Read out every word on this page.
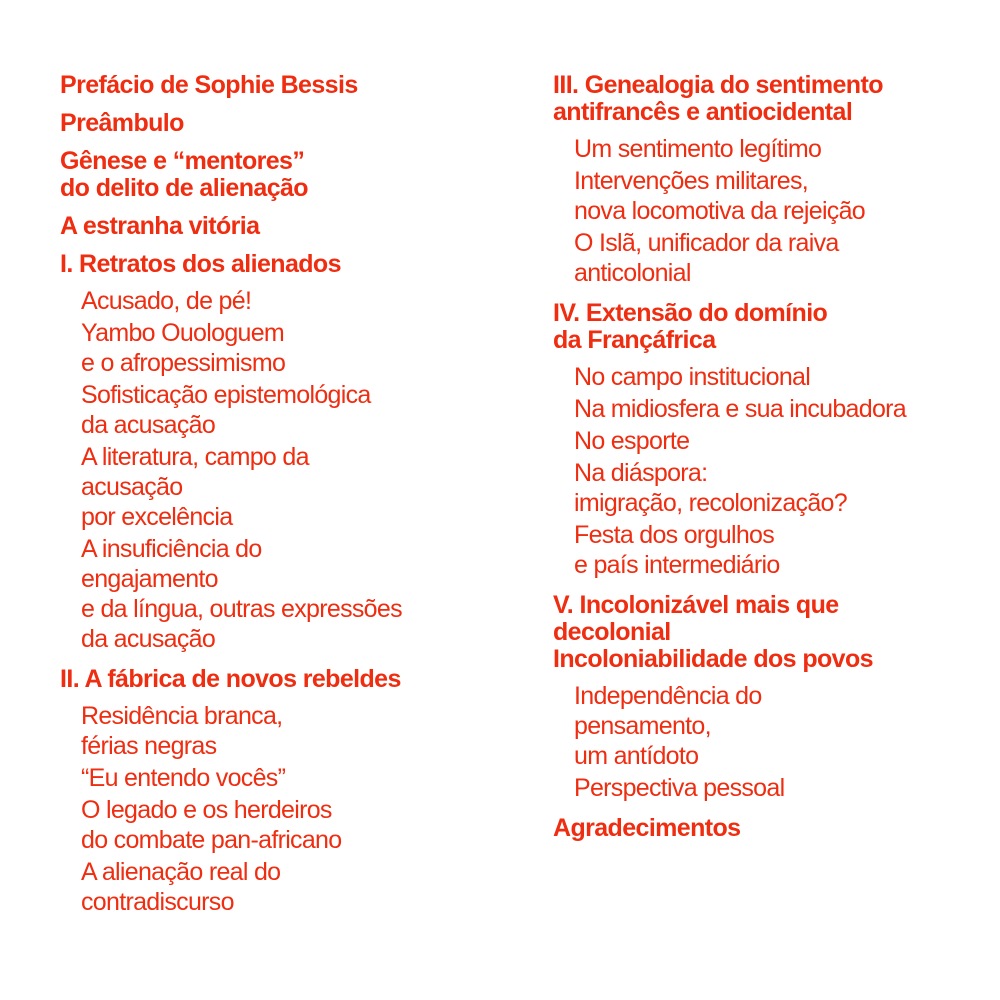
Prefácio de Sophie Bessis
Preâmbulo
Gênese e “mentores”
do delito de alienação
A estranha vitória
I. Retratos dos alienados
Acusado, de pé!
Yambo Ouologuem
e o afropessimismo
Sofisticação epistemológica
da acusação
A literatura, campo da
acusação
por excelência
A insuficiência do
engajamento
e da língua, outras expressões
da acusação
II. A fábrica de novos rebeldes
Residência branca,
férias negras
“Eu entendo vocês”
O legado e os herdeiros
do combate pan-africano
A alienação real do
contradiscurso
III. Genealogia do sentimento
antifrancês e antiocidental
Um sentimento legítimo
Intervenções militares,
nova locomotiva da rejeição
O Islã, unificador da raiva
anticolonial
IV. Extensão do domínio
da Françáfrica
No campo institucional
Na midiosfera e sua incubadora
No esporte
Na diáspora:
imigração, recolonização?
Festa dos orgulhos
e país intermediário
V. Incolonizável mais que
decolonial
Incoloniabilidade dos povos
Independência do
pensamento,
um antídoto
Perspectiva pessoal
Agradecimentos
